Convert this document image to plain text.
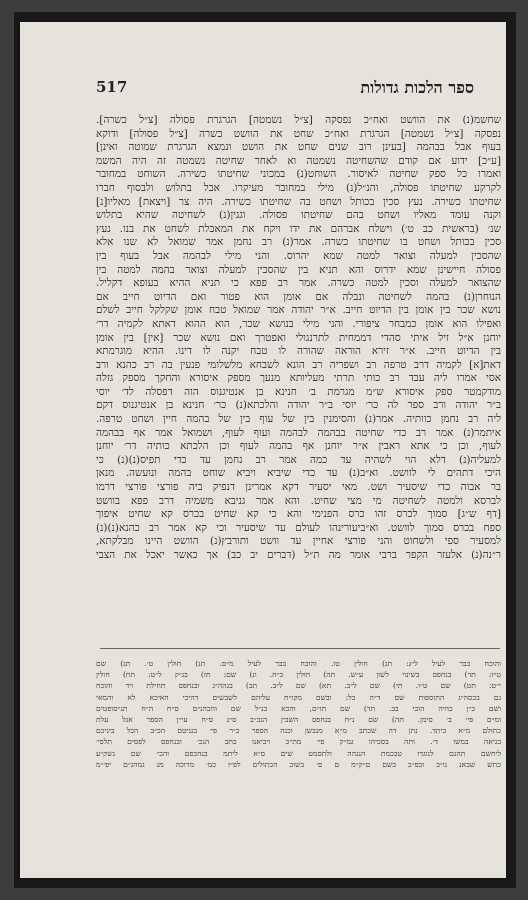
ספר הלכות גדולות
517
שחשמ(נ) את הוושט ואח״כ נפסקה [צ״ל נשמטה] הגרגרת פסולה [צ״ל כשרה].
נפסקה [צ״ל נשמטה] הגרגרת ואח״כ שחט את הוושט כשרה [צ״ל פסולה] ודוקא
בעוף אבל בבהמה [בעינן רוב שנים שחט את הושט ונמצא הגרגרת שמוטה ואינן]
[ע״כ] ידוע אם קודם שהשחיטה נשמטה וא לאחר שחיטה נשמטה זה היה המשמ
ואמרו כל ספק שחיטה לאיסור. השוחט(נ) במכוני שחיטתו כשירה. השוחט במחובר
לקרקע שחיטתו פסולה, והנ״ל(נ) מילי במחובר מעיקרו. אבל בתלוש ולבסוף חברו
שחיטתו כשירה. נעץ סכין בכותל ושחט בה שחיטתו כשירה. היה צר [ויצאת] מאליו[נ]
וקנה עומד מאליו ושחט בהם שחיטתו פסולה. וגגין(נ) לשחיטה שהיא בתלוש
שנ׳ (בראשית כב ט׳) וישלח אברהם את ידו ויקח את המאכלת לשחט את בנו. נעץ
סכין בכותל ושחט בו שחיטתו כשרה. אמר(נ) רב נחמן אמר שמואל לא שנו אלא
שהסכין למעלה וצואר למטה שמא יהרוס. והני מילי לבהמה אבל בעוף בין
פסולה חיישינן שמא ידרוס והא תניא בין שהסכין למעלה וצואר בהמה למטה בין
שהצואר למעלה וסכין למטה כשרה. אמר רב פפא כי תניא ההיא בעופא דקליל.
הנוחרן(נ) בהמה לשחיטה ונבלה אם אומן הוא פטור ואם הדיוט חייב אם
נושא שכר בין אומן בין הדיוט חייב. א״ר יהודה אמר שמואל טבח אומן שקלקל חייב לשלם
ואפילו הוא אומן כמבחר ציפורי. והני מילי בנושא שכר, הוא ההוא דאתא לקמיה דר׳
יוחנן א״ל זיל איתי סהדי דממחית לתרנגולי ואפטרך ואם נושא שכר [אין] בין אומן
בין הדיוט חייב. א״ר זירא הוראה שהורה לו טבח יקנה לו דינו. ההיא מוגרמתא
דאת[א] לקמיה דרב טרפה רב ושפריה רב הונא לשבחא מלשלומי פנעין בה רב כהנא ורב
אסי אמרו ליה עבד רב כותי תרתי מעליותא מנעך מספק איסורא והחקך מספק גזלה
מודקמטר ספק איסורא ש״מ מגרמת ב׳ חנינא בן אנטיגנוס הוה דפסלה לד׳ יוסי
ב״ר יהודה ורב ספר לה כר׳ יוסי ב״ר יהודה והלכתא(נ) כר׳ חנינא בן אנטיגנוס דקם
ליה רב נחמן כוותיה. אמר(נ) והסימנין בין של עוף בין של בהמה חיין ושחט טרפה.
איתמר(נ) אמר רב כדי שחיטה בבהמה לבהמה ועוף לעוף, ושמואל אמר אף בבהמה
לעוף, וכן כי אתא ראבין א״ר יוחנן אף בהמה לעוף וכן הלכתא כותיה דר׳ יוחנן
למעליה(נ) דלא הוי לשהיה עד כמה אמר רב נחמן עד כדי תפיס(נ)(נ) כי
היכי דתהים לי לוושט. וא״ב(נ) עד כדי שיביא ויביא שוחט בהמה ונועשה. מנאן
בר אבוה כדי שיסעיר ושט. מאי יסעיר דקא אמרינן דנפיק ביה פורצי פורצי דרמו
לברסא ולמטה לשחיטה מי מצי שחיט. והא אמר גניבא משמיה דרב פפא בוושט
[דף ש״ג] סמוך לכרס זהו כרס הפנימי והא כי קא שחיט בכרס קא שחיט איפוך
ספח בכרס סמוך לוושט. וא״ביעורינהו לעולם עד שיסעיר וכי קא אמר רב כהנא(נ)(נ)
למסעיר ספי ולשחוט והני פורצי אחיין עד וושט ותורבץ(נ) הוושט היינו מבלקתא,
ר״נה(נ) אלעזר הקפר ברבי אומר מה ת״ל (דברים יב כב) אך כאשר יאכל את הצבי
והוכח כבר לעיל ל״ג: תג) חולין טו. והוכח כבר לעיל מ״ס. תנ) חולין ט׳. תג) שם
ט״ז: תד) בנחפס בשינוי לשון ע״ש. תה) חולין כ״ח. ונ) שם: תז) בג״ק ל״ט: תח) חולין
י״ט: תט) שם ט״ו. תי) שם ל״ב. תא) שם ל״ב. תב) בגהה״ג ובנחפס תחילת ויד והוכח
גם בכסה״ג התוספות שם ד״ה כל: ובשם מקו״ח עליהם לשבשים דהיכי האיכא לא והמאי
ושם כ״ן כהיה הובי בב. תד) שם תו״ם, והכא כנ״ל שם והכהנ״ם ס״ח ה״ח תנ״סופטים
ומ״ם פי׳ ב׳ סימן. תה) שם נ״ח בנחפס השבין הנכ״ב ס״ג ס״ח עי״ן הספר אגל עלת
כתולם מ״א ביתד. נתן דה שכתב מ״א מנבשן וכנה הספר כ״ר פי׳ בנגיטם הכ״ב הכל ביניכם
בגיאה במשו ד׳. ותה בסכיהו גמ״ק פי׳ מת״כ ויביאנו כתב הנכ׳ ובנחפס לפסים תלפי׳
ליחשם תהגם לנוגדו טבכמת הנגהה ולתסמט שים ס״א ליתמ בנהכפם והכ״ שם נשק״ע
כתש שבאנ נו״ב ובפ״ב בשם ם״ק״מ ם ס׳ בשוכ הכתולים לפ״ז כמ׳ מרוכה מנ גמהג״ם יפ׳״מ
